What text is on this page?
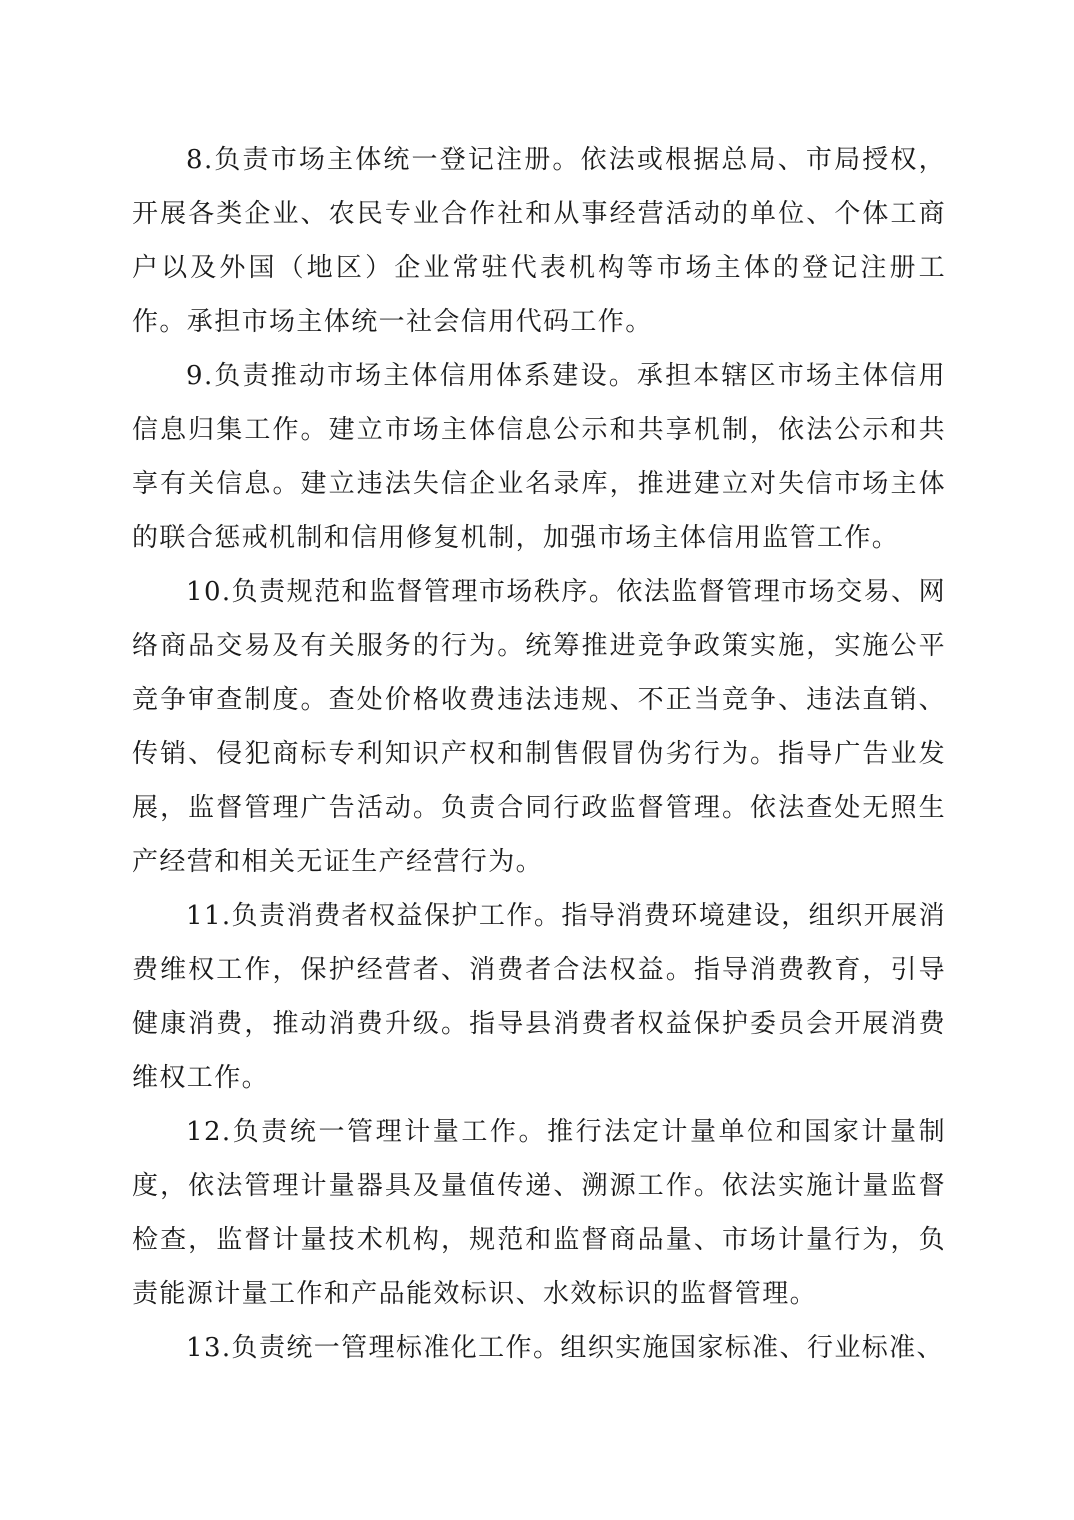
8.负责市场主体统一登记注册。依法或根据总局、市局授权，开展各类企业、农民专业合作社和从事经营活动的单位、个体工商户以及外国（地区）企业常驻代表机构等市场主体的登记注册工作。承担市场主体统一社会信用代码工作。

9.负责推动市场主体信用体系建设。承担本辖区市场主体信用信息归集工作。建立市场主体信息公示和共享机制，依法公示和共享有关信息。建立违法失信企业名录库，推进建立对失信市场主体的联合惩戒机制和信用修复机制，加强市场主体信用监管工作。

10.负责规范和监督管理市场秩序。依法监督管理市场交易、网络商品交易及有关服务的行为。统筹推进竞争政策实施，实施公平竞争审查制度。查处价格收费违法违规、不正当竞争、违法直销、传销、侵犯商标专利知识产权和制售假冒伪劣行为。指导广告业发展，监督管理广告活动。负责合同行政监督管理。依法查处无照生产经营和相关无证生产经营行为。

11.负责消费者权益保护工作。指导消费环境建设，组织开展消费维权工作，保护经营者、消费者合法权益。指导消费教育，引导健康消费，推动消费升级。指导县消费者权益保护委员会开展消费维权工作。

12.负责统一管理计量工作。推行法定计量单位和国家计量制度，依法管理计量器具及量值传递、溯源工作。依法实施计量监督检查，监督计量技术机构，规范和监督商品量、市场计量行为，负责能源计量工作和产品能效标识、水效标识的监督管理。

13.负责统一管理标准化工作。组织实施国家标准、行业标准、
